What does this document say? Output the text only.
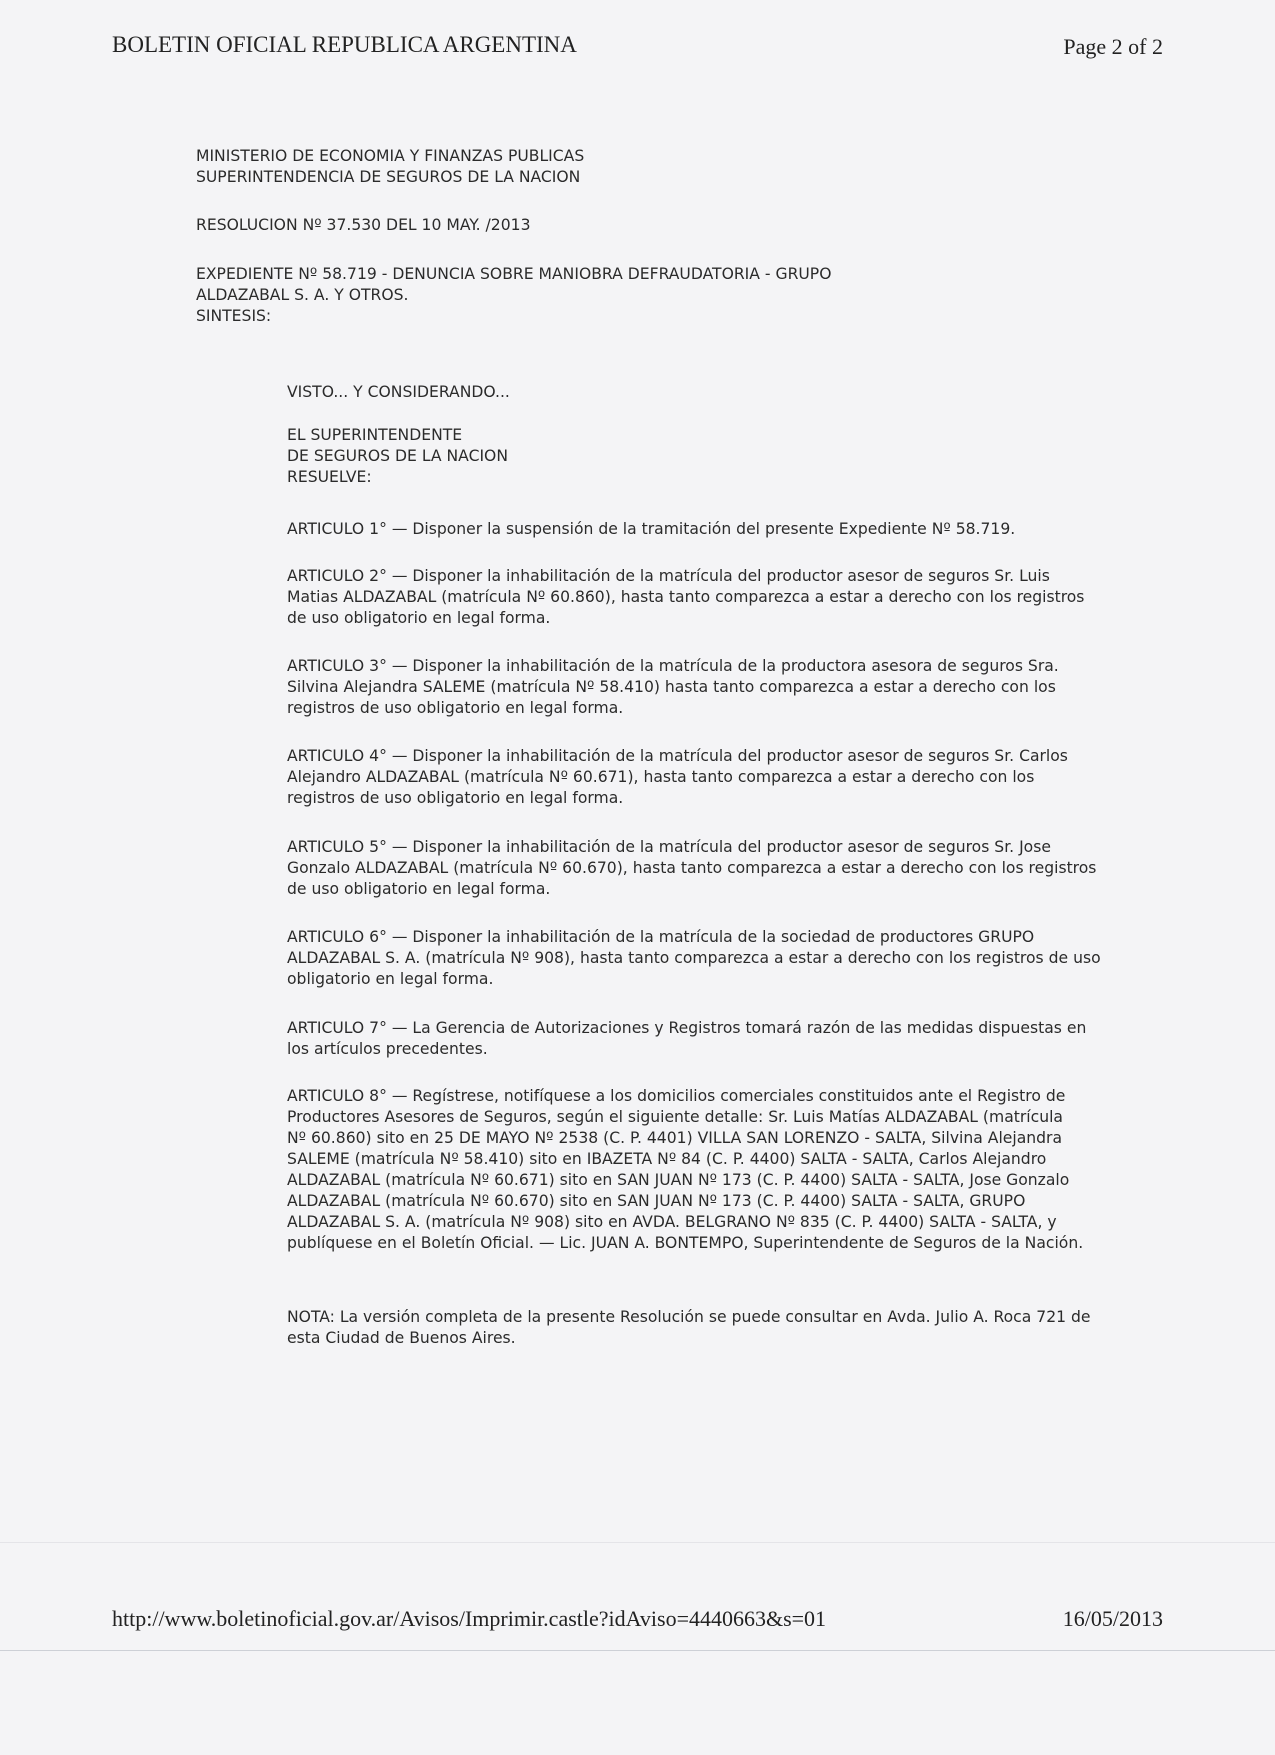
BOLETIN OFICIAL REPUBLICA ARGENTINA	Page 2 of 2
MINISTERIO DE ECONOMIA Y FINANZAS PUBLICAS
SUPERINTENDENCIA DE SEGUROS DE LA NACION
RESOLUCION Nº 37.530 DEL 10 MAY. /2013
EXPEDIENTE Nº 58.719 - DENUNCIA SOBRE MANIOBRA DEFRAUDATORIA - GRUPO
ALDAZABAL S. A. Y OTROS.
SINTESIS:
VISTO... Y CONSIDERANDO...
EL SUPERINTENDENTE
DE SEGUROS DE LA NACION
RESUELVE:
ARTICULO 1° — Disponer la suspensión de la tramitación del presente Expediente Nº 58.719.
ARTICULO 2° — Disponer la inhabilitación de la matrícula del productor asesor de seguros Sr. Luis
Matias ALDAZABAL (matrícula Nº 60.860), hasta tanto comparezca a estar a derecho con los registros
de uso obligatorio en legal forma.
ARTICULO 3° — Disponer la inhabilitación de la matrícula de la productora asesora de seguros Sra.
Silvina Alejandra SALEME (matrícula Nº 58.410) hasta tanto comparezca a estar a derecho con los
registros de uso obligatorio en legal forma.
ARTICULO 4° — Disponer la inhabilitación de la matrícula del productor asesor de seguros Sr. Carlos
Alejandro ALDAZABAL (matrícula Nº 60.671), hasta tanto comparezca a estar a derecho con los
registros de uso obligatorio en legal forma.
ARTICULO 5° — Disponer la inhabilitación de la matrícula del productor asesor de seguros Sr. Jose
Gonzalo ALDAZABAL (matrícula Nº 60.670), hasta tanto comparezca a estar a derecho con los registros
de uso obligatorio en legal forma.
ARTICULO 6° — Disponer la inhabilitación de la matrícula de la sociedad de productores GRUPO
ALDAZABAL S. A. (matrícula Nº 908), hasta tanto comparezca a estar a derecho con los registros de uso
obligatorio en legal forma.
ARTICULO 7° — La Gerencia de Autorizaciones y Registros tomará razón de las medidas dispuestas en
los artículos precedentes.
ARTICULO 8° — Regístrese, notifíquese a los domicilios comerciales constituidos ante el Registro de
Productores Asesores de Seguros, según el siguiente detalle: Sr. Luis Matías ALDAZABAL (matrícula
Nº 60.860) sito en 25 DE MAYO Nº 2538 (C. P. 4401) VILLA SAN LORENZO - SALTA, Silvina Alejandra
SALEME (matrícula Nº 58.410) sito en IBAZETA Nº 84 (C. P. 4400) SALTA - SALTA, Carlos Alejandro
ALDAZABAL (matrícula Nº 60.671) sito en SAN JUAN Nº 173 (C. P. 4400) SALTA - SALTA, Jose Gonzalo
ALDAZABAL (matrícula Nº 60.670) sito en SAN JUAN Nº 173 (C. P. 4400) SALTA - SALTA, GRUPO
ALDAZABAL S. A. (matrícula Nº 908) sito en AVDA. BELGRANO Nº 835 (C. P. 4400) SALTA - SALTA, y
publíquese en el Boletín Oficial. — Lic. JUAN A. BONTEMPO, Superintendente de Seguros de la Nación.
NOTA: La versión completa de la presente Resolución se puede consultar en Avda. Julio A. Roca 721 de
esta Ciudad de Buenos Aires.
http://www.boletinoficial.gov.ar/Avisos/Imprimir.castle?idAviso=4440663&s=01	16/05/2013
